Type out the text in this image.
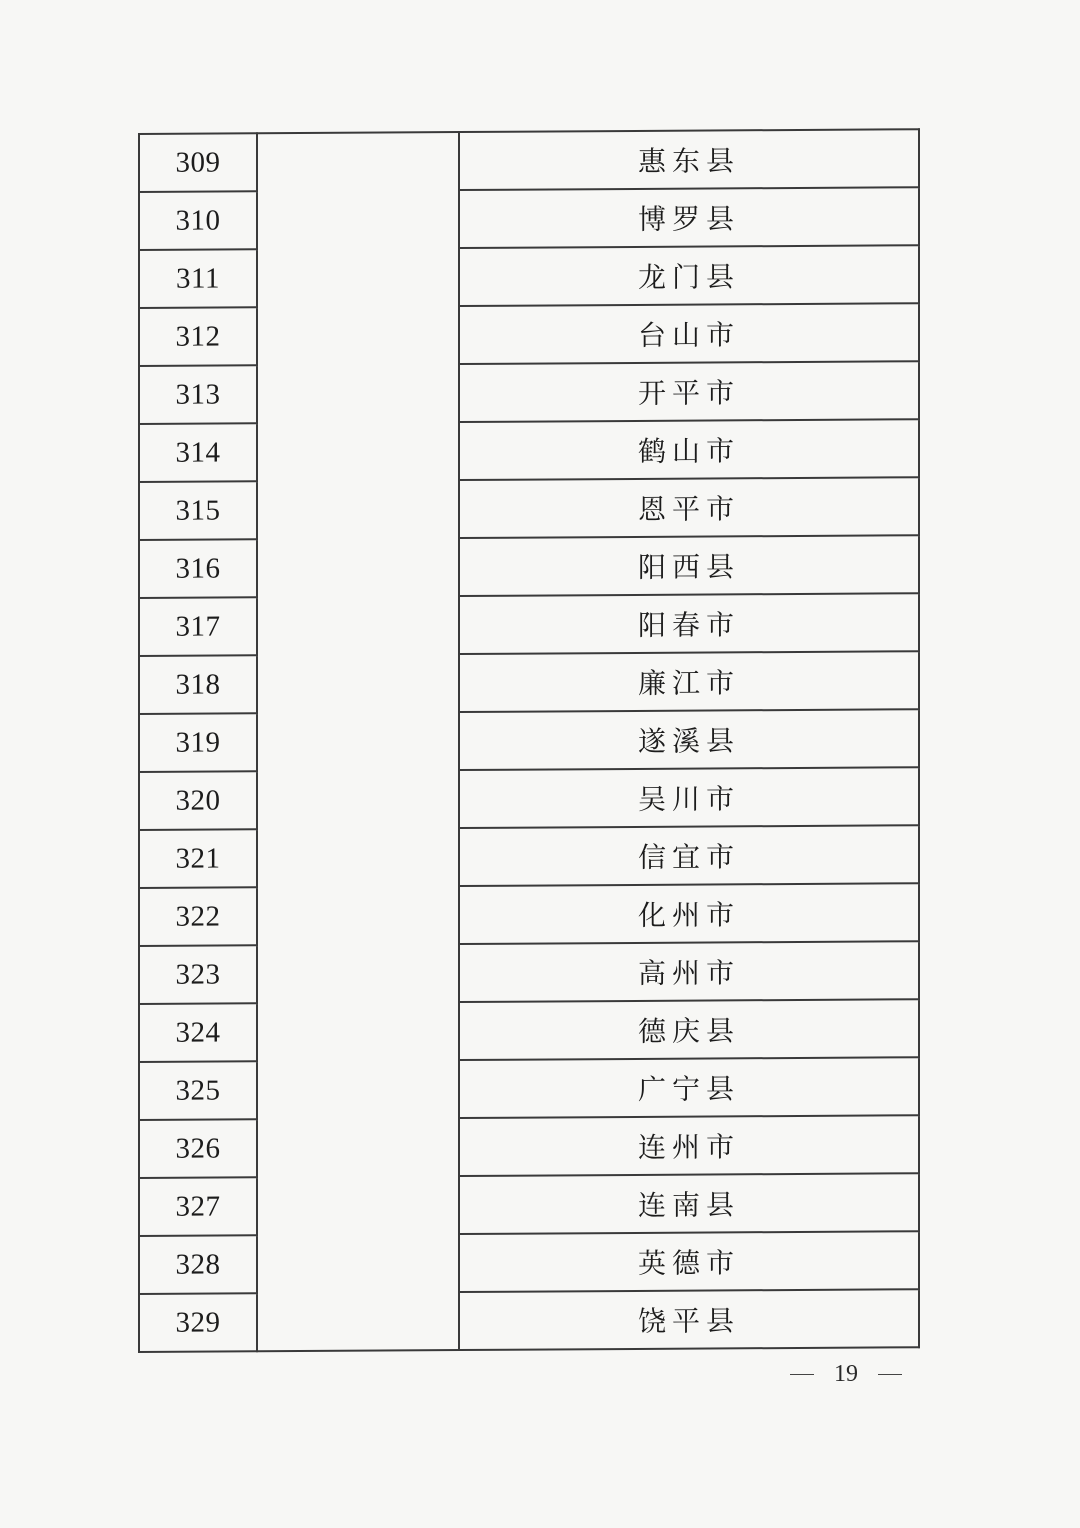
309		惠东县
310		博罗县
311		龙门县
312		台山市
313		开平市
314		鹤山市
315		恩平市
316		阳西县
317		阳春市
318		廉江市
319		遂溪县
320		吴川市
321		信宜市
322		化州市
323		高州市
324		德庆县
325		广宁县
326		连州市
327		连南县
328		英德市
329		饶平县
19
